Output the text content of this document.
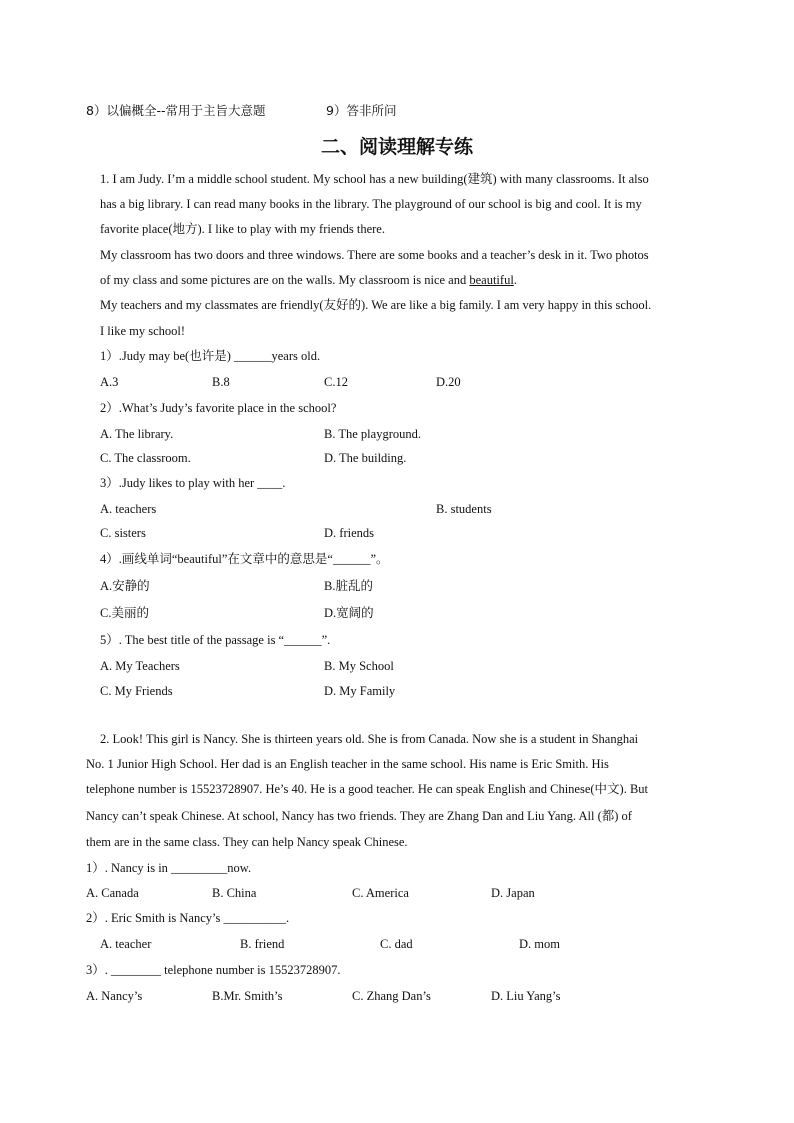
8）以偏概全--常用于主旨大意题	9）答非所问
二、阅读理解专练
1. I am Judy. I’m a middle school student. My school has a new building(建筑) with many classrooms. It also
has a big library. I can read many books in the library. The playground of our school is big and cool. It is my
favorite place(地方). I like to play with my friends there.
My classroom has two doors and three windows. There are some books and a teacher’s desk in it. Two photos
of my class and some pictures are on the walls. My classroom is nice and beautiful.
My teachers and my classmates are friendly(友好的). We are like a big family. I am very happy in this school.
I like my school!
1）.Judy may be(也许是) ______years old.
A.3	B.8	C.12	D.20
2）.What’s Judy’s favorite place in the school?
A. The library.	B. The playground.
C. The classroom.	D. The building.
3）.Judy likes to play with her ____.
A. teachers	B. students
C. sisters	D. friends
4）.画线单词“beautiful”在文章中的意思是“______”。
A.安静的	B.脏乱的
C.美丽的	D.宽阔的
5）. The best title of the passage is “______”.
A. My Teachers	B. My School
C. My Friends	D. My Family
2. Look! This girl is Nancy. She is thirteen years old. She is from Canada. Now she is a student in Shanghai
No. 1 Junior High School. Her dad is an English teacher in the same school. His name is Eric Smith. His
telephone number is 15523728907. He’s 40. He is a good teacher. He can speak English and Chinese(中文). But
Nancy can’t speak Chinese. At school, Nancy has two friends. They are Zhang Dan and Liu Yang. All (都) of
them are in the same class. They can help Nancy speak Chinese.
1）. Nancy is in _________now.
A. Canada	B. China	C. America	D. Japan
2）. Eric Smith is Nancy’s __________.
A. teacher	B. friend	C. dad	D. mom
3）. ________ telephone number is 15523728907.
A. Nancy’s	B.Mr. Smith’s	C. Zhang Dan’s	D. Liu Yang’s
